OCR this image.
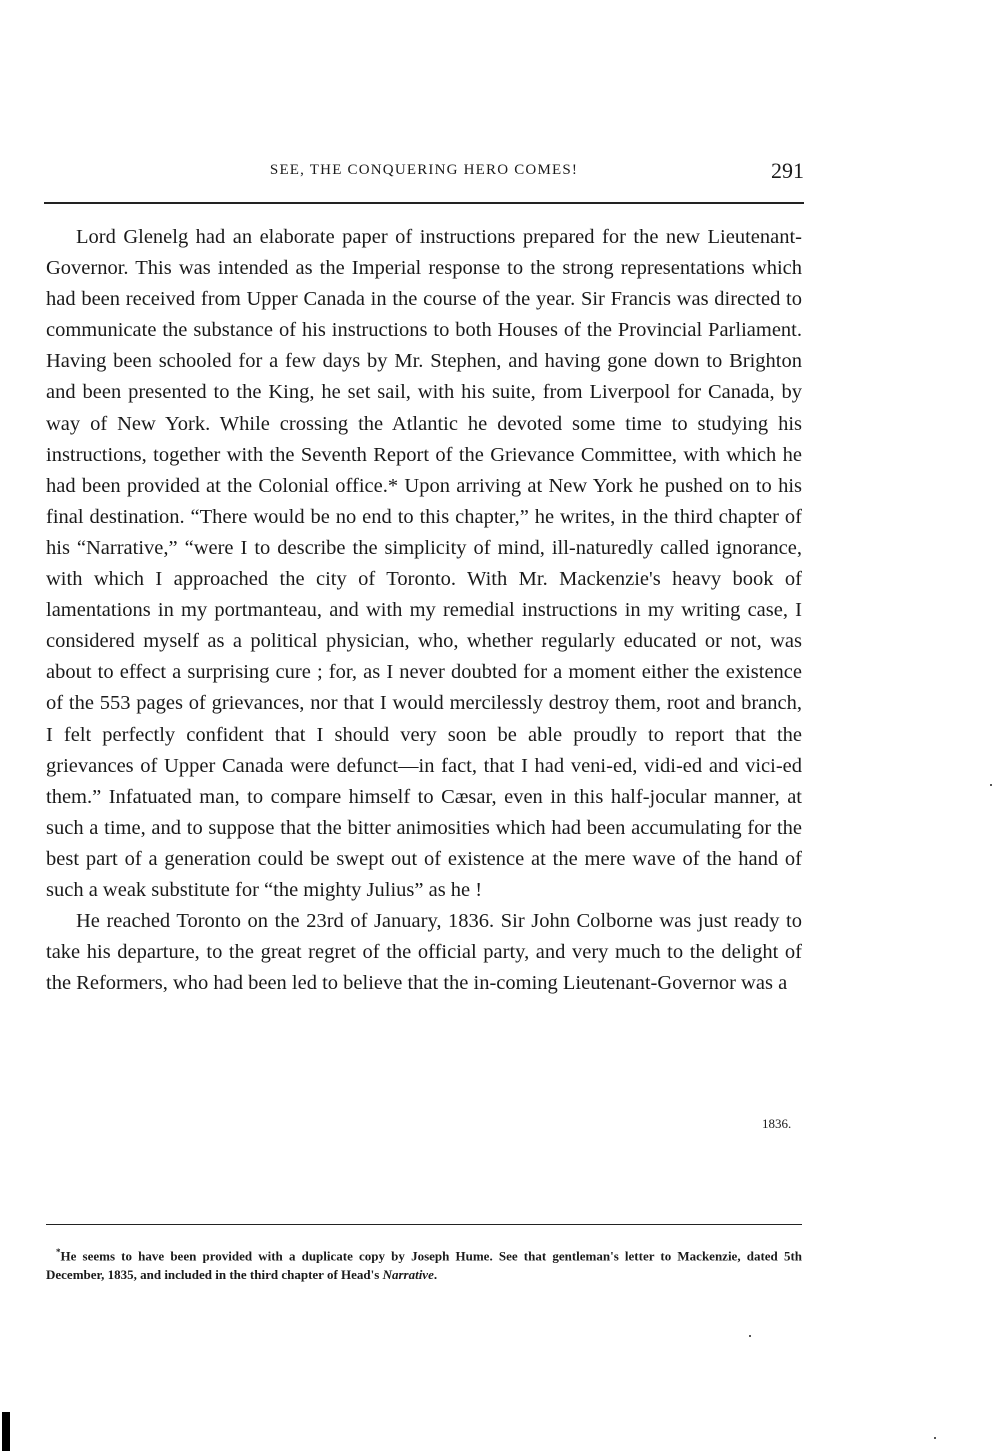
SEE, THE CONQUERING HERO COMES!	291

Lord Glenelg had an elaborate paper of instructions prepared for the new Lieutenant-Governor. This was intended as the Imperial response to the strong representations which had been received from Upper Canada in the course of the year. Sir Francis was directed to communicate the substance of his instructions to both Houses of the Provincial Parliament. Having been schooled for a few days by Mr. Stephen, and having gone down to Brighton and been presented to the King, he set sail, with his suite, from Liverpool for Canada, by way of New York. While crossing the Atlantic he devoted some time to studying his instructions, together with the Seventh Report of the Grievance Committee, with which he had been provided at the Colonial office.* Upon arriving at New York he pushed on to his final destination. “There would be no end to this chapter,” he writes, in the third chapter of his “Narrative,” “were I to describe the simplicity of mind, ill-naturedly called ignorance, with which I approached the city of Toronto. With Mr. Mackenzie's heavy book of lamentations in my portmanteau, and with my remedial instructions in my writing case, I considered myself as a political physician, who, whether regularly educated or not, was about to effect a surprising cure ; for, as I never doubted for a moment either the existence of the 553 pages of grievances, nor that I would mercilessly destroy them, root and branch, I felt perfectly confident that I should very soon be able proudly to report that the grievances of Upper Canada were defunct—in fact, that I had veni-ed, vidi-ed and vici-ed them.” Infatuated man, to compare himself to Cæsar, even in this half-jocular manner, at such a time, and to suppose that the bitter animosities which had been accumulating for the best part of a generation could be swept out of existence at the mere wave of the hand of such a weak substitute for “the mighty Julius” as he !

He reached Toronto on the 23rd of January, 1836. Sir John Colborne was just ready to take his departure, to the great regret of the official party, and very much to the delight of the Reformers, who had been led to believe that the in-coming Lieutenant-Governor was a

1836.

*He seems to have been provided with a duplicate copy by Joseph Hume. See that gentleman's letter to Mackenzie, dated 5th December, 1835, and included in the third chapter of Head's Narrative.
